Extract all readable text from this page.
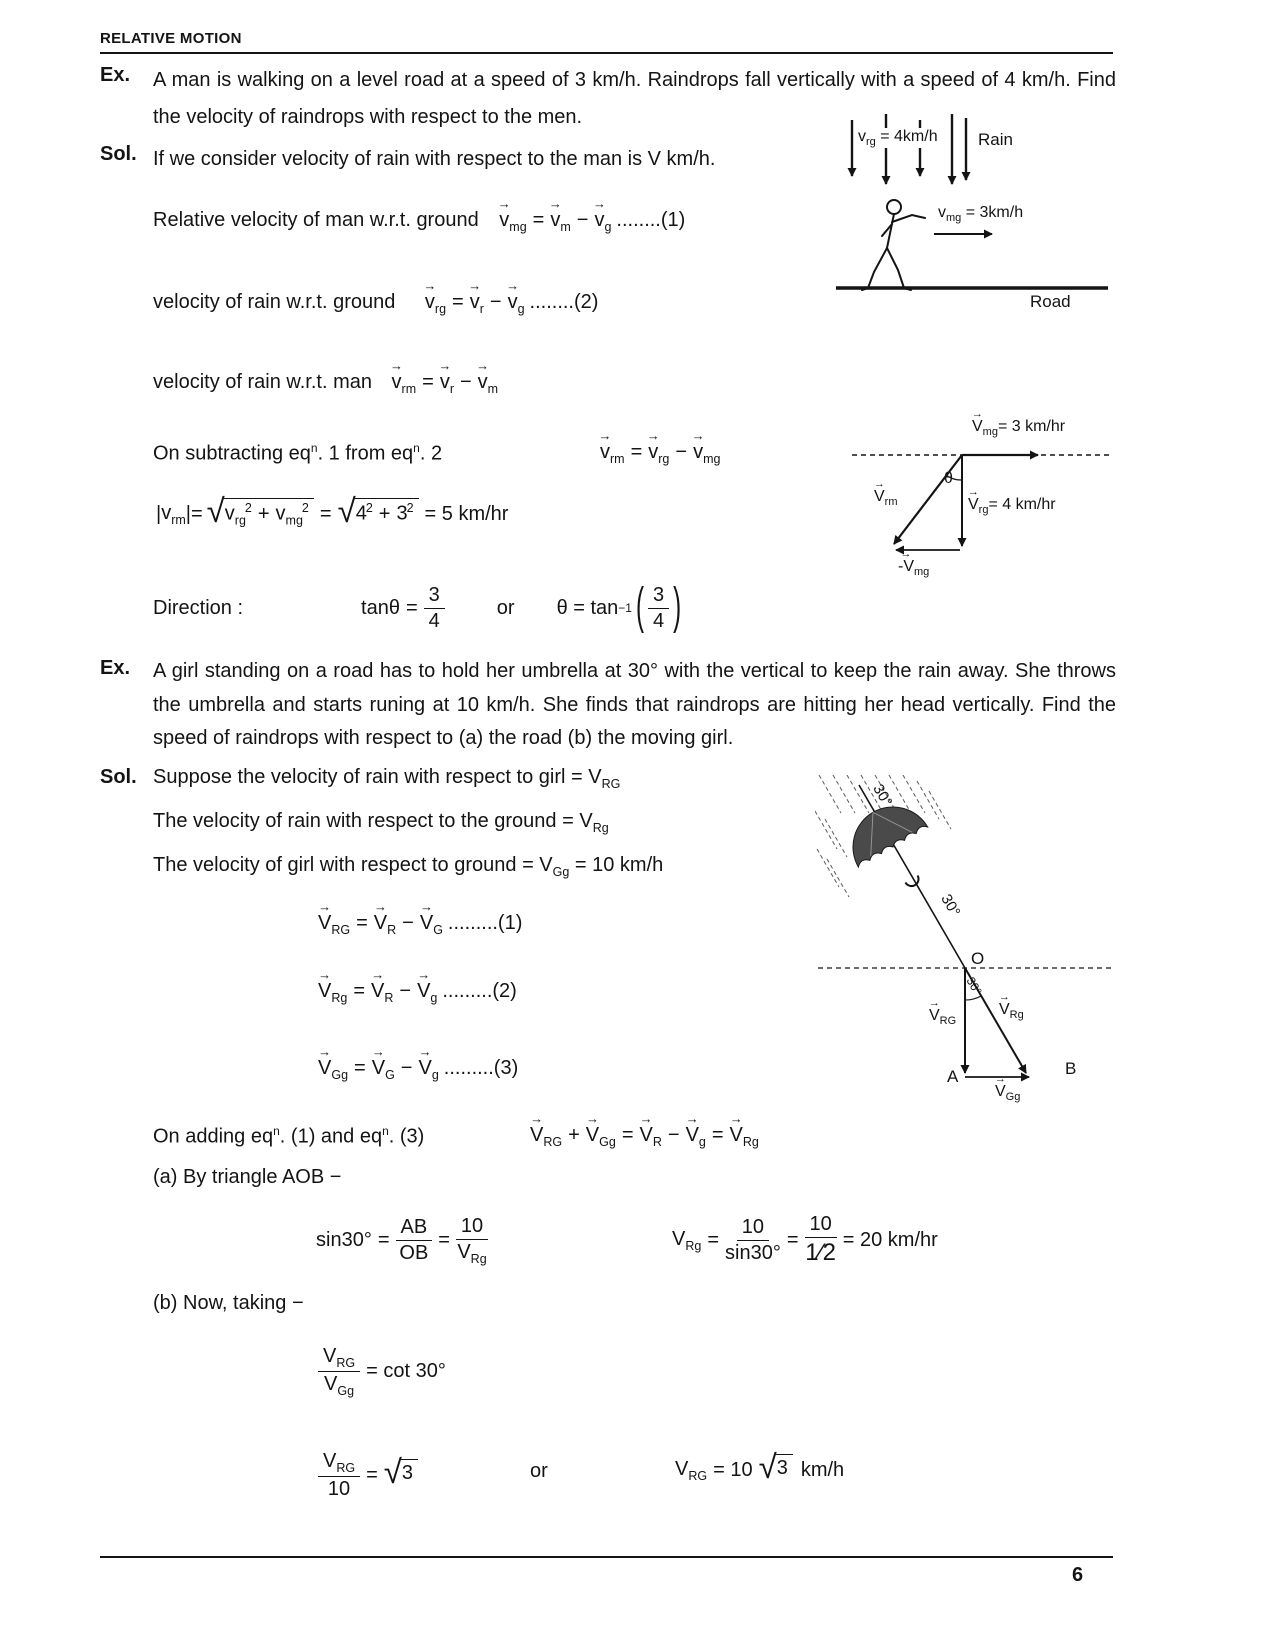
RELATIVE MOTION
Ex. A man is walking on a level road at a speed of 3 km/h. Raindrops fall vertically with a speed of 4 km/h. Find the velocity of raindrops with respect to the men.
Sol. If we consider velocity of rain with respect to the man is V km/h.
$v_{rg} = 4km/h$ Rain
$v_{mg} = 3km/h$
Road
Relative velocity of man w.r.t. ground
→
$v_{mg}$ =
→
$v_m$ −
→
$v_g$ ........(1)
velocity of rain w.r.t. ground
→
$v_{rg}$ =
→
$v_r$ −
→
$v_g$ ........(2)
velocity of rain w.r.t. man
→
$v_{rm}$ =
→
$v_r$ −
→
$v_m$
On subtracting $eq^n$. 1 from $eq^n$. 2
→
$v_{rm}$ =
→
$v_{rg}$ −
→
$v_{mg}$
| $v_{rm}$ |= √ $v_{rg}^2 + v_{mg}^2$ = √ $4^2 + 3^2 = 5$ km/hr
→
$V_{mg}= 3$ km/hr
θ
→
$V_{rm}$
→
$V_{rg}= 4$ km/hr
→
$-V_{mg}$
Direction :	$\tan\theta = \frac{3}{4}$	or θ = tan −1 ( $\frac{3}{4}$ )
Ex. A girl standing on a road has to hold her umbrella at 30° with the vertical to keep the rain away. She throws the umbrella and starts runing at 10 km/h. She finds that raindrops are hitting her head vertically. Find the speed of raindrops with respect to (a) the road (b) the moving girl.
Sol. Suppose the velocity of rain with respect to girl = $V_{RG}$
The velocity of rain with respect to the ground = $V_{Rg}$
The velocity of girl with respect to ground = $V_{Gg} = 10$ km/h
→
$V_{RG}$ =
→
$V_R$ −
→
$V_G$ .........(1)
→
$V_{Rg}$ =
→
$V_R$ −
→
$V_g$ .........(2)
→
$V_{Gg}$ =
→
$V_G$ −
→
$V_g$ .........(3)
On adding $eq^n$. (1) and $eq^n$. (3)
→
$V_{RG}$ +
→
$V_{Gg}$ =
→
$V_R$ −
→
$V_g$ =
→
$V_{Rg}$
(a) By triangle AOB −
$\sin 30^\circ = \frac{AB}{OB} = \frac{10}{V_{Rg}}$	$V_{Rg} = \frac{10}{\sin 30^\circ} = \frac{10}{1⁄2} = 20$ km/hr
(b) Now, taking −
$\frac{V_{RG}}{V_{Gg}} = \cot 30^\circ$
$\frac{V_{RG}}{10}$ = √ 3	or	$V_{RG} = 10$ √ 3 km/h
30°
30°
O
30°
→
$V_{RG}$
→
$V_{Rg}$
A	B
→
$V_{Gg}$
6
